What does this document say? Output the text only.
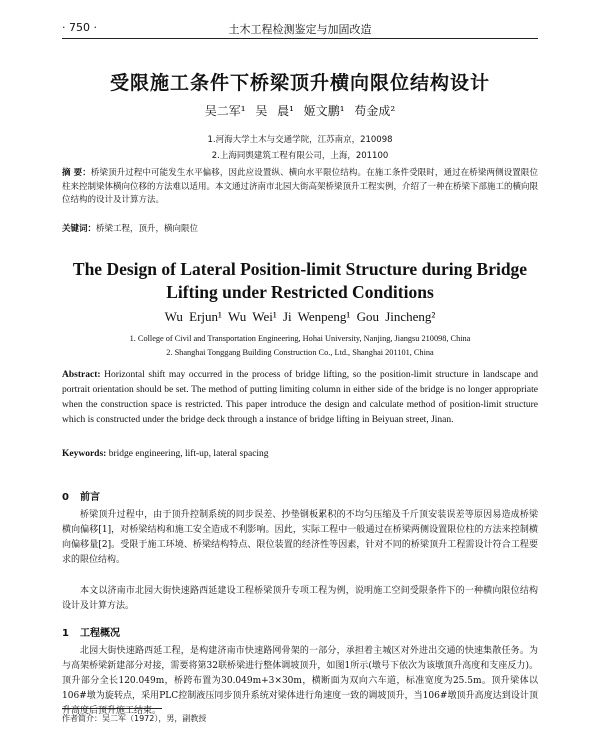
· 750 ·	土木工程检测鉴定与加固改造
受限施工条件下桥梁顶升横向限位结构设计
吴二军¹ 吴 晨¹ 姬文鹏¹ 苟金成²
1.河海大学土木与交通学院，江苏南京，210098
2.上海同舆建筑工程有限公司，上海，201100
摘 要：桥梁顶升过程中可能发生水平偏移，因此应设置纵、横向水平限位结构。在施工条件受限时，通过在桥梁两侧设置限位柱来控制梁体横向位移的方法难以适用。本文通过济南市北园大街高架桥梁顶升工程实例，介绍了一种在桥梁下部施工的横向限位结构的设计及计算方法。
关键词：桥梁工程，顶升，横向限位
The Design of Lateral Position-limit Structure during Bridge Lifting under Restricted Conditions
Wu Erjun¹ Wu Wei¹ Ji Wenpeng¹ Gou Jincheng²
1. College of Civil and Transportation Engineering, Hohai University, Nanjing, Jiangsu 210098, China
2. Shanghai Tonggang Building Construction Co., Ltd., Shanghai 201101, China
Abstract: Horizontal shift may occurred in the process of bridge lifting, so the position-limit structure in landscape and portrait orientation should be set. The method of putting limiting column in either side of the bridge is no longer appropriate when the construction space is restricted. This paper introduce the design and calculate method of position-limit structure which is constructed under the bridge deck through a instance of bridge lifting in Beiyuan street, Jinan.
Keywords: bridge engineering, lift-up, lateral spacing
0 前言
桥梁顶升过程中，由于顶升控制系统的同步误差、抄垫钢板累积的不均匀压缩及千斤顶安装误差等原因易造成桥梁横向偏移[1]，对桥梁结构和施工安全造成不利影响。因此，实际工程中一般通过在桥梁两侧设置限位柱的方法来控制横向偏移量[2]。受限于施工环境、桥梁结构特点、限位装置的经济性等因素，针对不同的桥梁顶升工程需设计符合工程要求的限位结构。
本文以济南市北园大街快速路西延建设工程桥梁顶升专项工程为例，说明施工空间受限条件下的一种横向限位结构设计及计算方法。
1 工程概况
北园大街快速路西延工程，是构建济南市快速路网骨架的一部分，承担着主城区对外进出交通的快速集散任务。为与高架桥梁新建部分对接，需要将第32联桥梁进行整体调坡顶升，如图1所示(墩号下依次为该墩顶升高度和支座反力)。顶升部分全长120.049m，桥跨布置为30.049m+3×30m，横断面为双向六车道，标准宽度为25.5m。顶升梁体以106#墩为旋转点，采用PLC控制液压同步顶升系统对梁体进行角速度一致的调坡顶升，当106#墩顶升高度达到设计顶升高度后顶升施工结束。
作者简介：吴二军（1972），男，副教授
